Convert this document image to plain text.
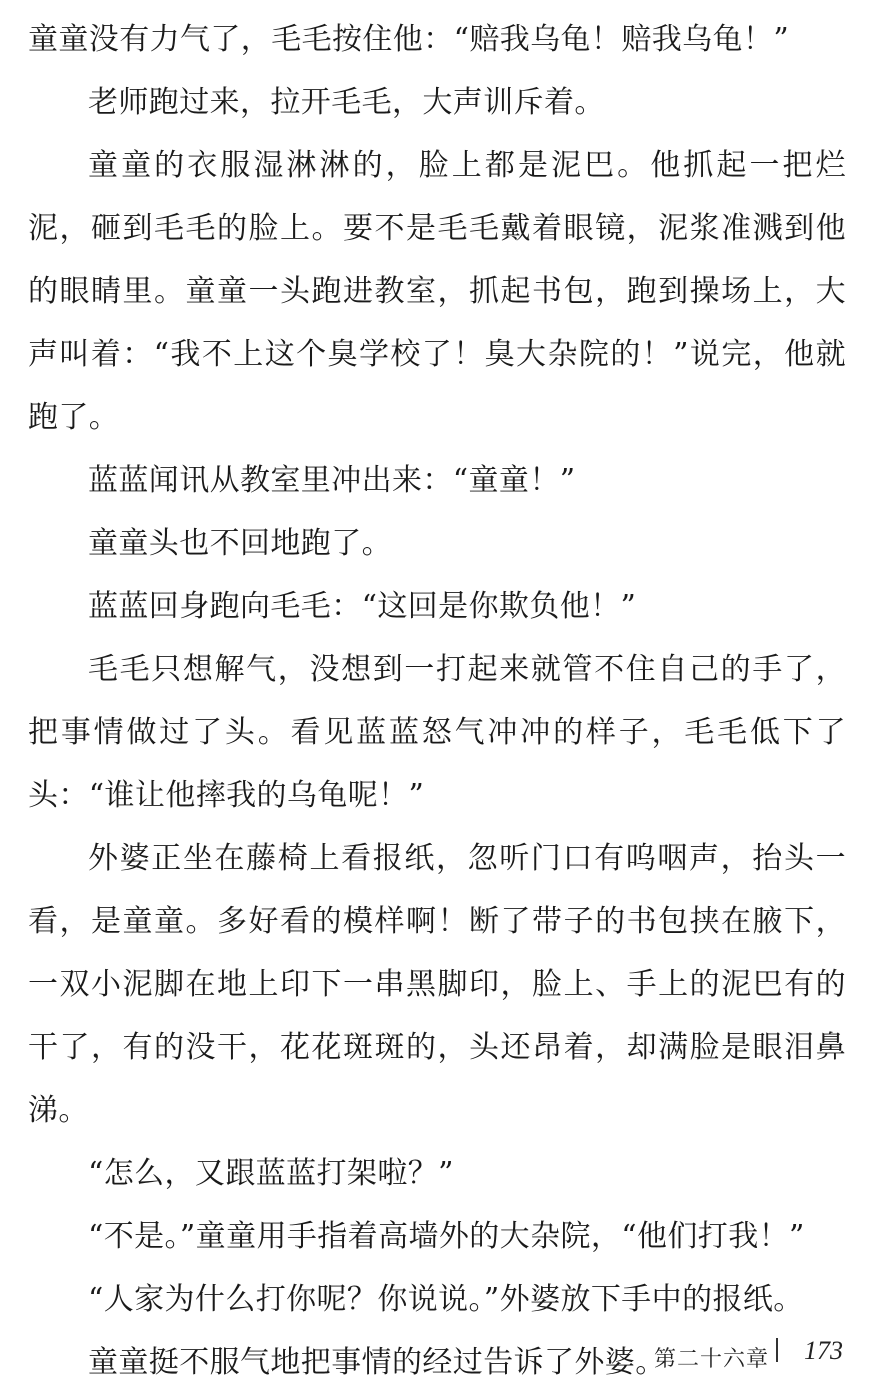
童童没有力气了，毛毛按住他：“赔我乌龟！赔我乌龟！”

老师跑过来，拉开毛毛，大声训斥着。

童童的衣服湿淋淋的，脸上都是泥巴。他抓起一把烂泥，砸到毛毛的脸上。要不是毛毛戴着眼镜，泥浆准溅到他的眼睛里。童童一头跑进教室，抓起书包，跑到操场上，大声叫着：“我不上这个臭学校了！臭大杂院的！”说完，他就跑了。

蓝蓝闻讯从教室里冲出来：“童童！”

童童头也不回地跑了。

蓝蓝回身跑向毛毛：“这回是你欺负他！”

毛毛只想解气，没想到一打起来就管不住自己的手了，把事情做过了头。看见蓝蓝怒气冲冲的样子，毛毛低下了头：“谁让他摔我的乌龟呢！”

外婆正坐在藤椅上看报纸，忽听门口有呜咽声，抬头一看，是童童。多好看的模样啊！断了带子的书包挟在腋下，一双小泥脚在地上印下一串黑脚印，脸上、手上的泥巴有的干了，有的没干，花花斑斑的，头还昂着，却满脸是眼泪鼻涕。

“怎么，又跟蓝蓝打架啦？”

“不是。”童童用手指着高墙外的大杂院，“他们打我！”

“人家为什么打你呢？你说说。”外婆放下手中的报纸。

童童挺不服气地把事情的经过告诉了外婆。

第二十六章 173
